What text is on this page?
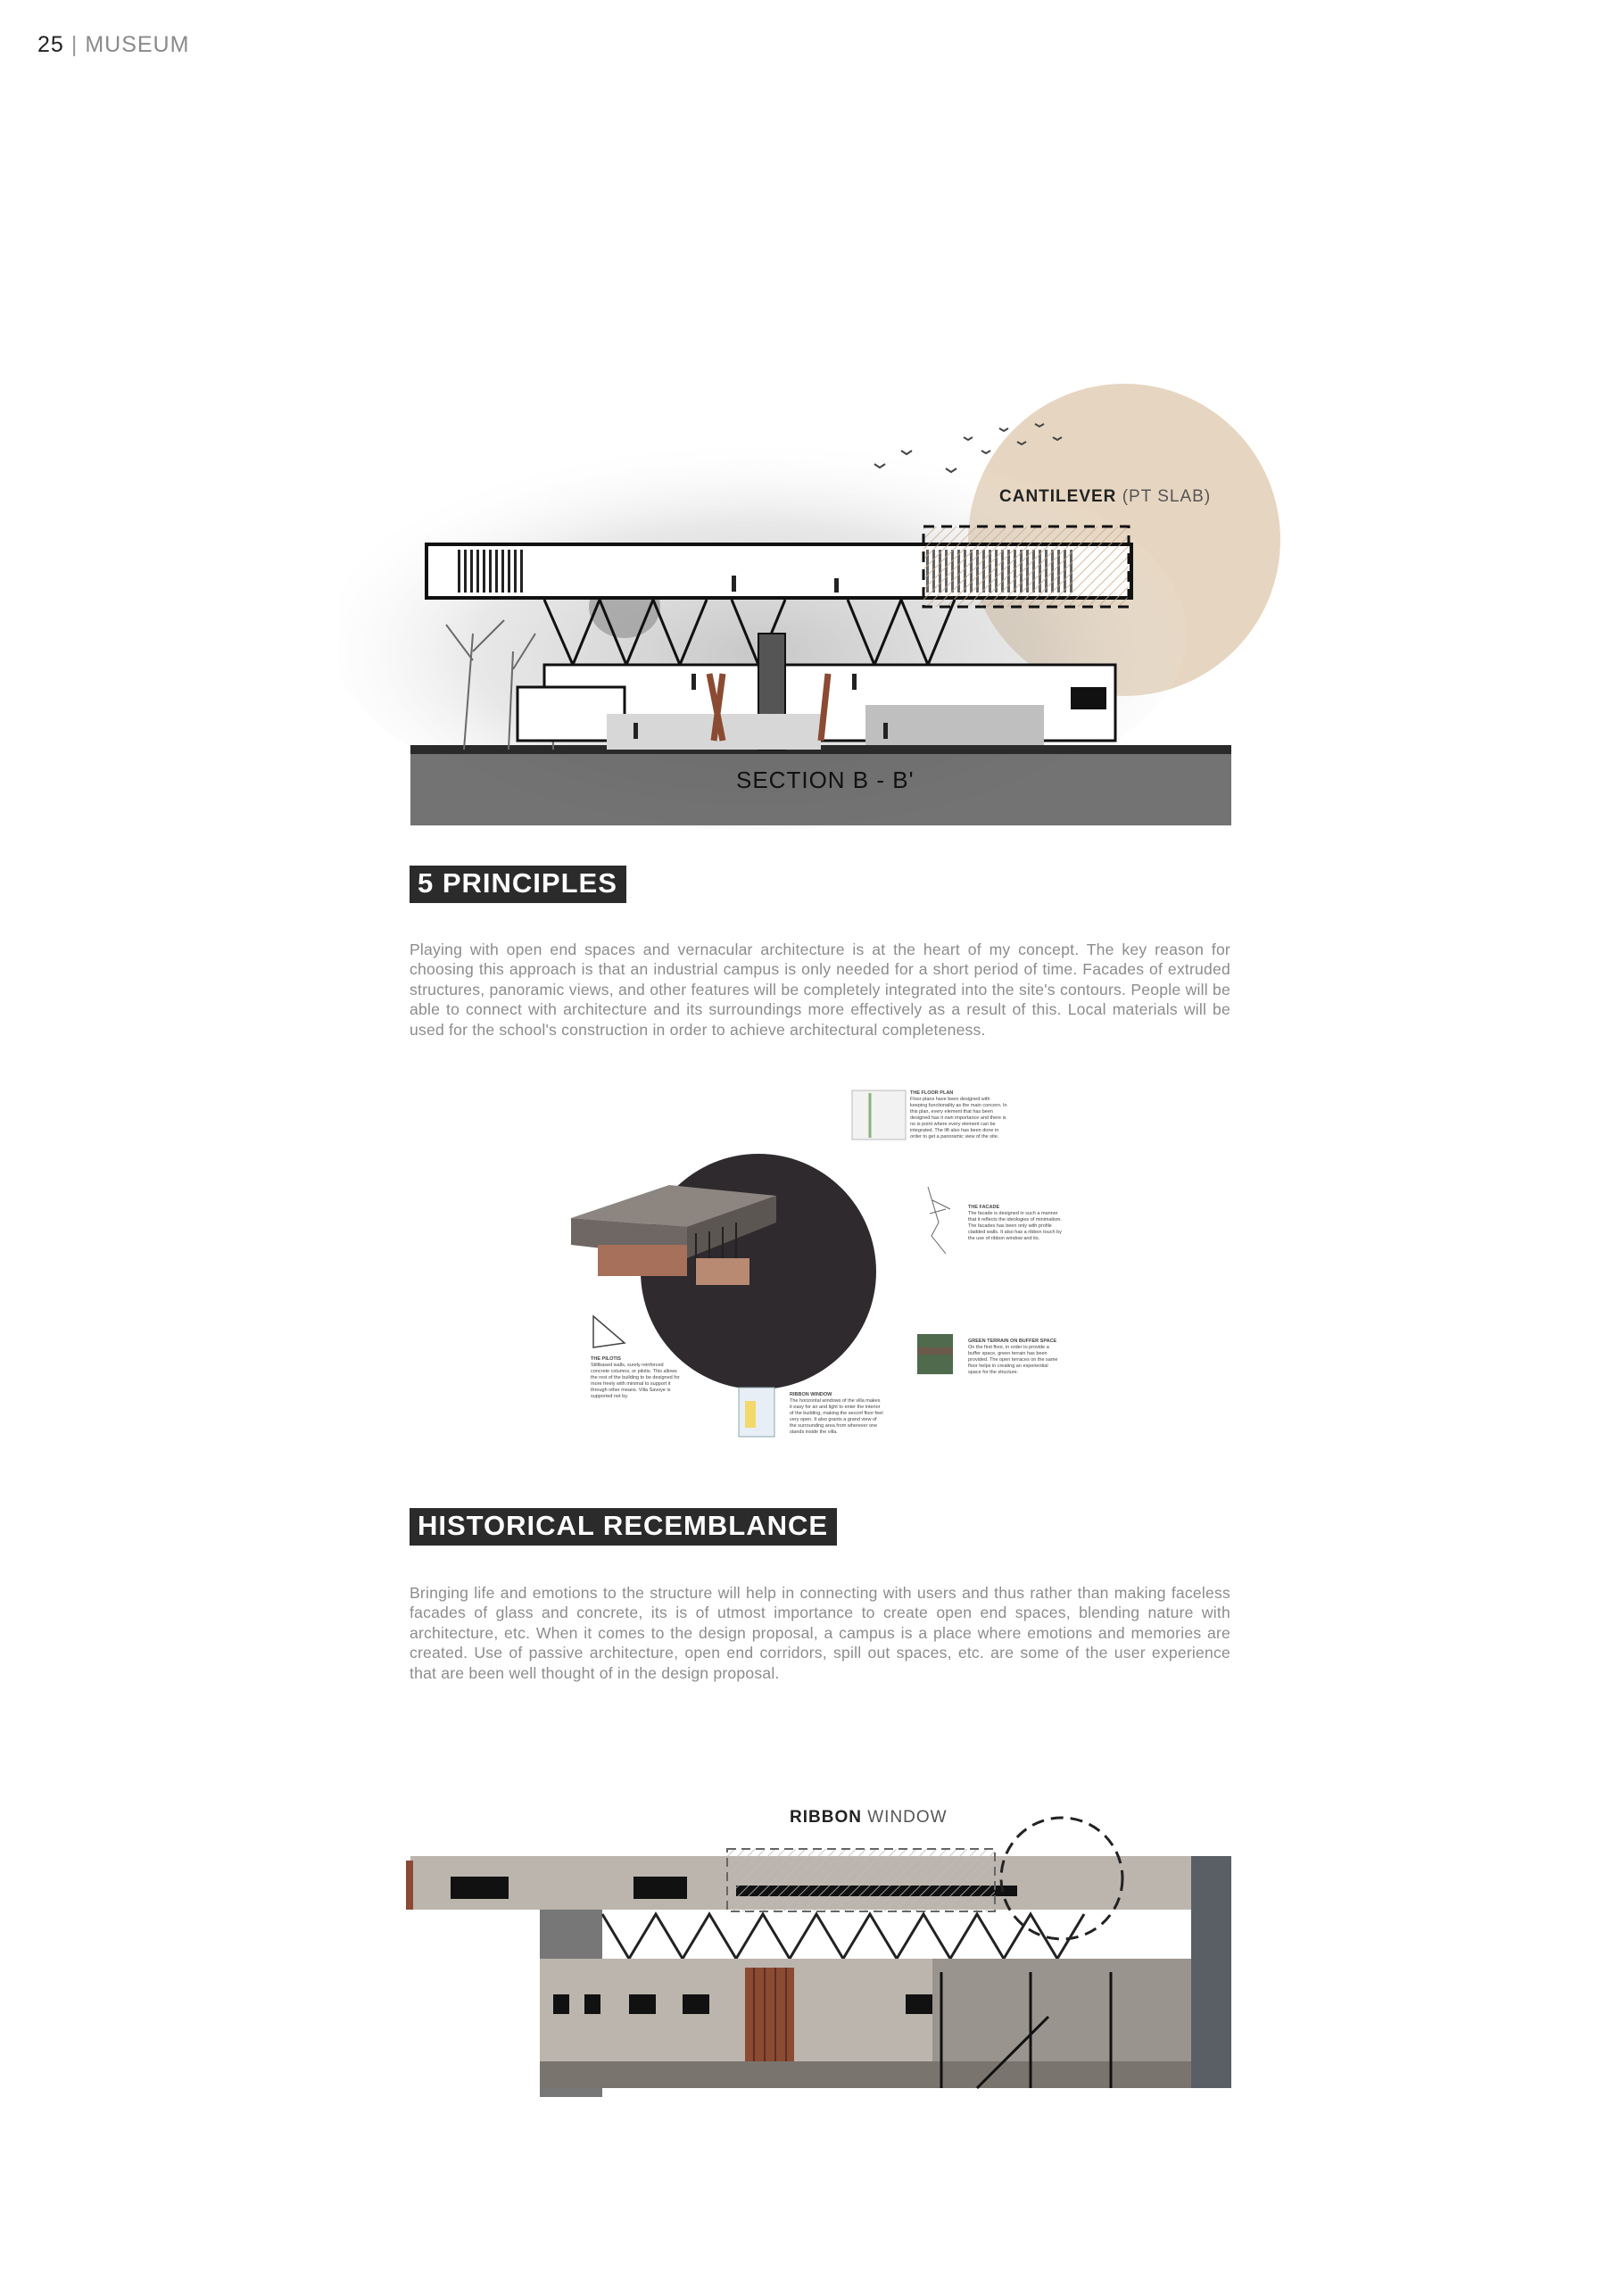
25 | MUSEUM
SECTION B - B'
CANTILEVER (PT SLAB)
5 PRINCIPLES
Playing with open end spaces and vernacular architecture is at the heart of my concept. The key reason for choosing this approach is that an industrial campus is only needed for a short period of time. Facades of extruded structures, panoramic views, and other features will be completely integrated into the site's contours. People will be able to connect with architecture and its surroundings more effectively as a result of this. Local materials will be used for the school's construction in order to achieve architectural completeness.
THE FLOOR PLAN
Floor plans have been designed with keeping functionality as the main concern. In this plan, every element that has been designed has it own importance and there is no is point where every element can be integrated. The lift also has been done in order to get a panoramic view of the site.
THE FACADE
The facade is designed in such a manner that it reflects the ideologies of minimalism. The facades has been only with profile cladded walls. It also has a ribbon touch by the use of ribbon window and its.
GREEN TERRAIN ON BUFFER SPACE
On the first floor, in order to provide a buffer space, green terrain has been provided. The open terraces on the same floor helps in creating an experiential space for the structure.
RIBBON WINDOW
The horizontal windows of the villa makes it easy for air and light to enter the interior of the building, making the seconf floor feel very open. It also grants a grand view of the surrounding area from wherever one stands inside the villa.
THE PILOTIS
Stiltbased walls, surely reinforced concrete columns, or pilotis. This allows the rest of the building to be designed for more freely with minimal to support it through other means. Villa Savoye is supported not by.
HISTORICAL RECEMBLANCE
Bringing life and emotions to the structure will help in connecting with users and thus rather than making faceless facades of glass and concrete, its is of utmost importance to create open end spaces, blending nature with architecture, etc. When it comes to the design proposal, a campus is a place where emotions and memories are created. Use of passive architecture, open end corridors, spill out spaces, etc. are some of the user experience that are been well thought of in the design proposal.
RIBBON WINDOW
